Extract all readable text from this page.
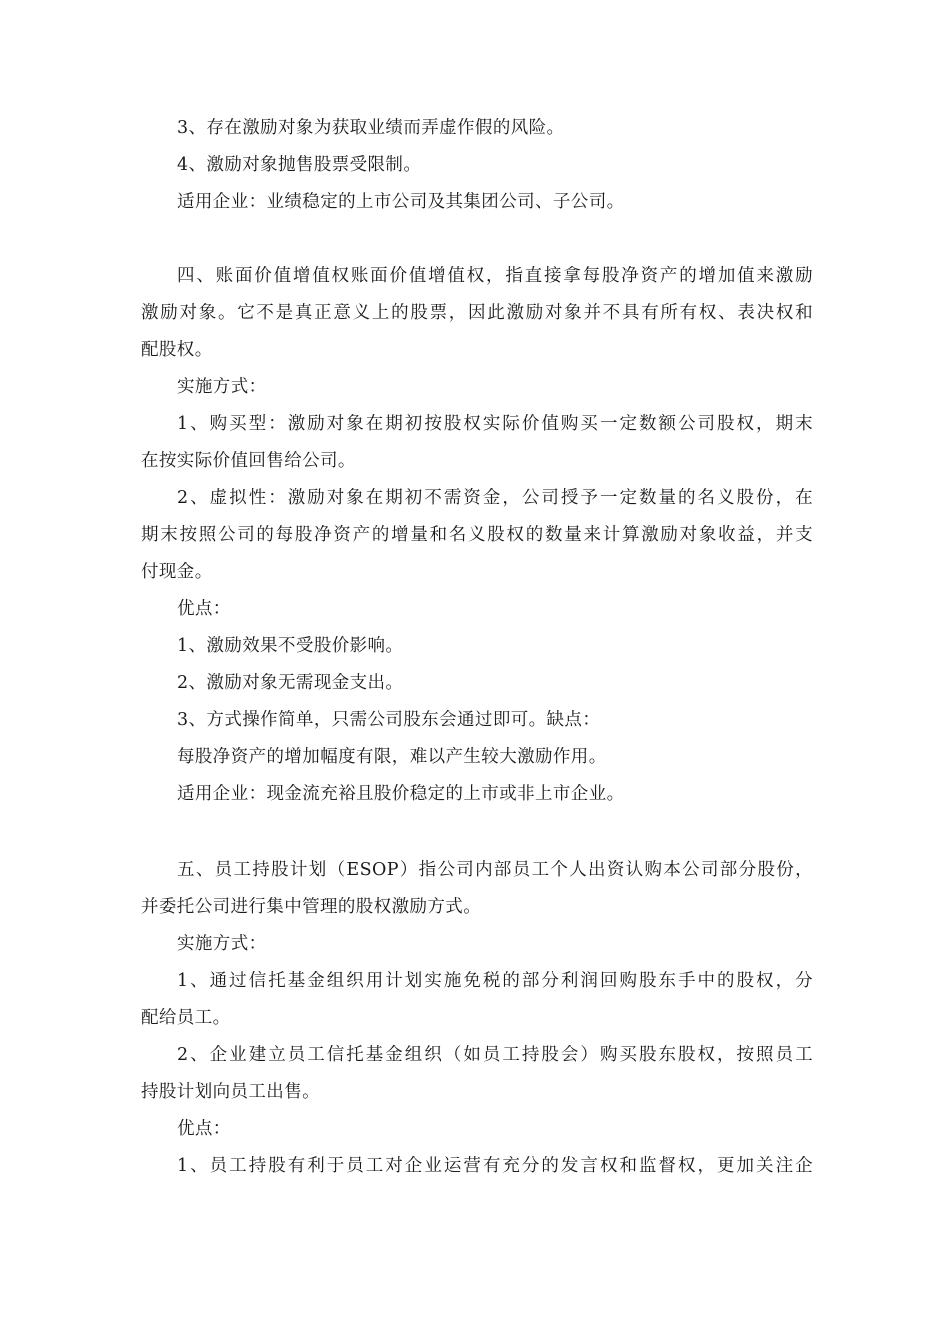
3、存在激励对象为获取业绩而弄虚作假的风险。
4、激励对象抛售股票受限制。
适用企业：业绩稳定的上市公司及其集团公司、子公司。
四、账面价值增值权账面价值增值权，指直接拿每股净资产的增加值来激励
激励对象。它不是真正意义上的股票，因此激励对象并不具有所有权、表决权和
配股权。
实施方式：
1、购买型：激励对象在期初按股权实际价值购买一定数额公司股权，期末
在按实际价值回售给公司。
2、虚拟性：激励对象在期初不需资金，公司授予一定数量的名义股份，在
期末按照公司的每股净资产的增量和名义股权的数量来计算激励对象收益，并支
付现金。
优点：
1、激励效果不受股价影响。
2、激励对象无需现金支出。
3、方式操作简单，只需公司股东会通过即可。缺点：
每股净资产的增加幅度有限，难以产生较大激励作用。
适用企业：现金流充裕且股价稳定的上市或非上市企业。
五、员工持股计划（ESOP）指公司内部员工个人出资认购本公司部分股份，
并委托公司进行集中管理的股权激励方式。
实施方式：
1、通过信托基金组织用计划实施免税的部分利润回购股东手中的股权，分
配给员工。
2、企业建立员工信托基金组织（如员工持股会）购买股东股权，按照员工
持股计划向员工出售。
优点：
1、员工持股有利于员工对企业运营有充分的发言权和监督权，更加关注企
